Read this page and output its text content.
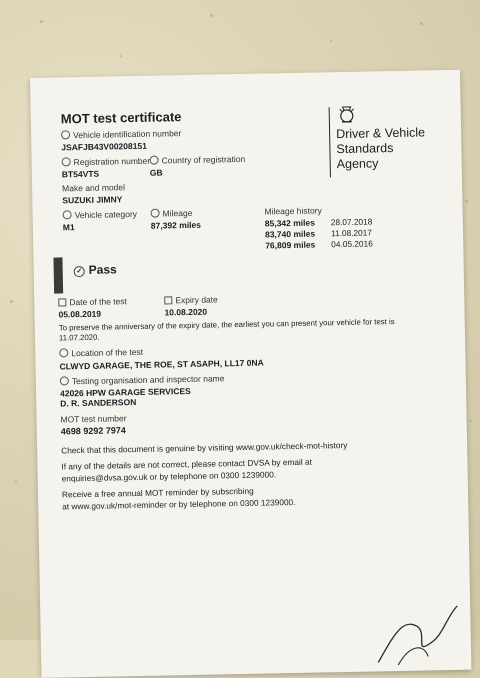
MOT test certificate
Driver & Vehicle
Standards
Agency
Vehicle identification number
JSAFJB43V00208151
Registration number
BT54VTS
Country of registration
GB
Make and model
SUZUKI JIMNY
Vehicle category
M1
Mileage
87,392 miles
Mileage history
85,342 miles 28.07.2018
83,740 miles 11.08.2017
76,809 miles 04.05.2016
✓ Pass
Date of the test
05.08.2019
Expiry date
10.08.2020
To preserve the anniversary of the expiry date, the earliest you can present your vehicle for test is
11.07.2020.
Location of the test
CLWYD GARAGE, THE ROE, ST ASAPH, LL17 0NA
Testing organisation and inspector name
42026 HPW GARAGE SERVICES
D. R. SANDERSON
MOT test number
4698 9292 7974
Check that this document is genuine by visiting www.gov.uk/check-mot-history
If any of the details are not correct, please contact DVSA by email at
enquiries@dvsa.gov.uk or by telephone on 0300 1239000.
Receive a free annual MOT reminder by subscribing
at www.gov.uk/mot-reminder or by telephone on 0300 1239000.
